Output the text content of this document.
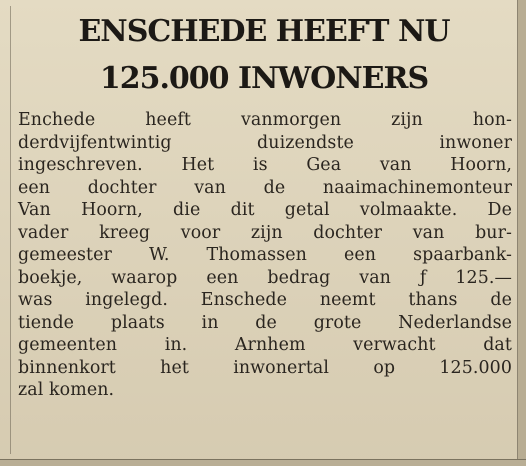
ENSCHEDE HEEFT NU
125.000 INWONERS
Enchede heeft vanmorgen zijn hon-
derdvijfentwintig duizendste inwoner
ingeschreven. Het is Gea van Hoorn,
een dochter van de naaimachinemonteur
Van Hoorn, die dit getal volmaakte. De
vader kreeg voor zijn dochter van bur-
gemeester W. Thomassen een spaarbank-
boekje, waarop een bedrag van ƒ 125.—
was ingelegd. Enschede neemt thans de
tiende plaats in de grote Nederlandse
gemeenten in. Arnhem verwacht dat
binnenkort het inwonertal op 125.000
zal komen.
